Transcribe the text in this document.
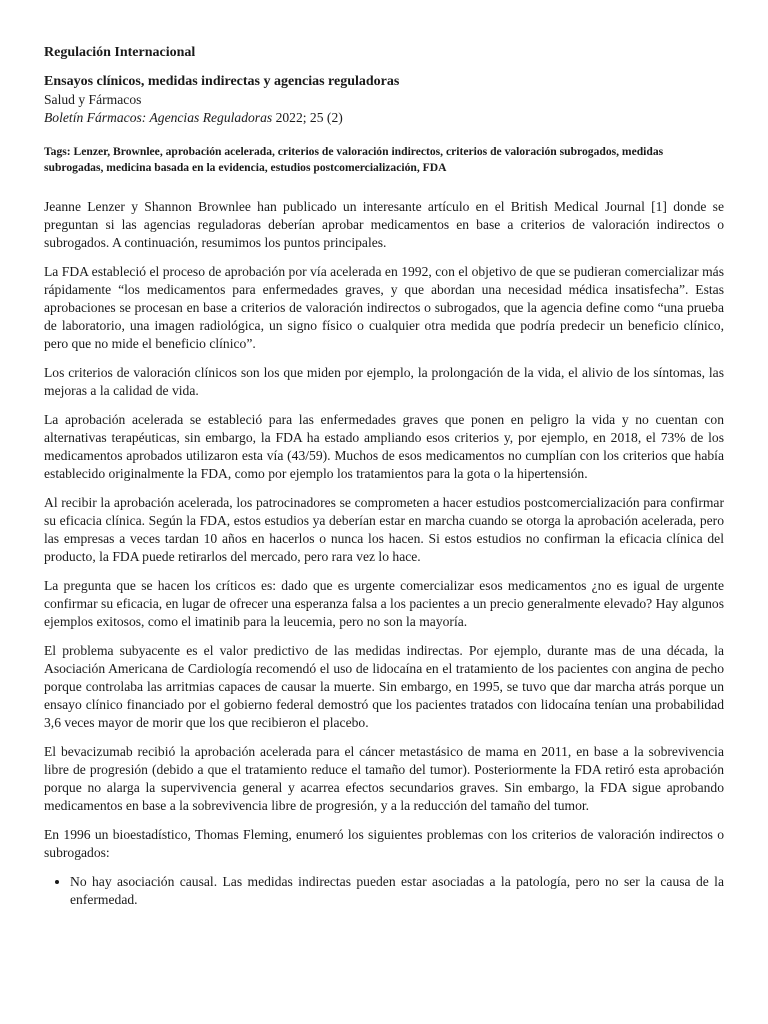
Regulación Internacional

Ensayos clínicos, medidas indirectas y agencias reguladoras

Salud y Fármacos

Boletín Fármacos: Agencias Reguladoras 2022; 25 (2)

Tags: Lenzer, Brownlee, aprobación acelerada, criterios de valoración indirectos, criterios de valoración subrogados, medidas subrogadas, medicina basada en la evidencia, estudios postcomercialización, FDA

Jeanne Lenzer y Shannon Brownlee han publicado un interesante artículo en el British Medical Journal [1] donde se preguntan si las agencias reguladoras deberían aprobar medicamentos en base a criterios de valoración indirectos o subrogados. A continuación, resumimos los puntos principales.

La FDA estableció el proceso de aprobación por vía acelerada en 1992, con el objetivo de que se pudieran comercializar más rápidamente “los medicamentos para enfermedades graves, y que abordan una necesidad médica insatisfecha”. Estas aprobaciones se procesan en base a criterios de valoración indirectos o subrogados, que la agencia define como “una prueba de laboratorio, una imagen radiológica, un signo físico o cualquier otra medida que podría predecir un beneficio clínico, pero que no mide el beneficio clínico”.

Los criterios de valoración clínicos son los que miden por ejemplo, la prolongación de la vida, el alivio de los síntomas, las mejoras a la calidad de vida.

La aprobación acelerada se estableció para las enfermedades graves que ponen en peligro la vida y no cuentan con alternativas terapéuticas, sin embargo, la FDA ha estado ampliando esos criterios y, por ejemplo, en 2018, el 73% de los medicamentos aprobados utilizaron esta vía (43/59). Muchos de esos medicamentos no cumplían con los criterios que había establecido originalmente la FDA, como por ejemplo los tratamientos para la gota o la hipertensión.

Al recibir la aprobación acelerada, los patrocinadores se comprometen a hacer estudios postcomercialización para confirmar su eficacia clínica. Según la FDA, estos estudios ya deberían estar en marcha cuando se otorga la aprobación acelerada, pero las empresas a veces tardan 10 años en hacerlos o nunca los hacen. Si estos estudios no confirman la eficacia clínica del producto, la FDA puede retirarlos del mercado, pero rara vez lo hace.

La pregunta que se hacen los críticos es: dado que es urgente comercializar esos medicamentos ¿no es igual de urgente confirmar su eficacia, en lugar de ofrecer una esperanza falsa a los pacientes a un precio generalmente elevado? Hay algunos ejemplos exitosos, como el imatinib para la leucemia, pero no son la mayoría.

El problema subyacente es el valor predictivo de las medidas indirectas. Por ejemplo, durante mas de una década, la Asociación Americana de Cardiología recomendó el uso de lidocaína en el tratamiento de los pacientes con angina de pecho porque controlaba las arritmias capaces de causar la muerte. Sin embargo, en 1995, se tuvo que dar marcha atrás porque un ensayo clínico financiado por el gobierno federal demostró que los pacientes tratados con lidocaína tenían una probabilidad 3,6 veces mayor de morir que los que recibieron el placebo.

El bevacizumab recibió la aprobación acelerada para el cáncer metastásico de mama en 2011, en base a la sobrevivencia libre de progresión (debido a que el tratamiento reduce el tamaño del tumor). Posteriormente la FDA retiró esta aprobación porque no alarga la supervivencia general y acarrea efectos secundarios graves. Sin embargo, la FDA sigue aprobando medicamentos en base a la sobrevivencia libre de progresión, y a la reducción del tamaño del tumor.

En 1996 un bioestadístico, Thomas Fleming, enumeró los siguientes problemas con los criterios de valoración indirectos o subrogados:

• No hay asociación causal. Las medidas indirectas pueden estar asociadas a la patología, pero no ser la causa de la enfermedad.
